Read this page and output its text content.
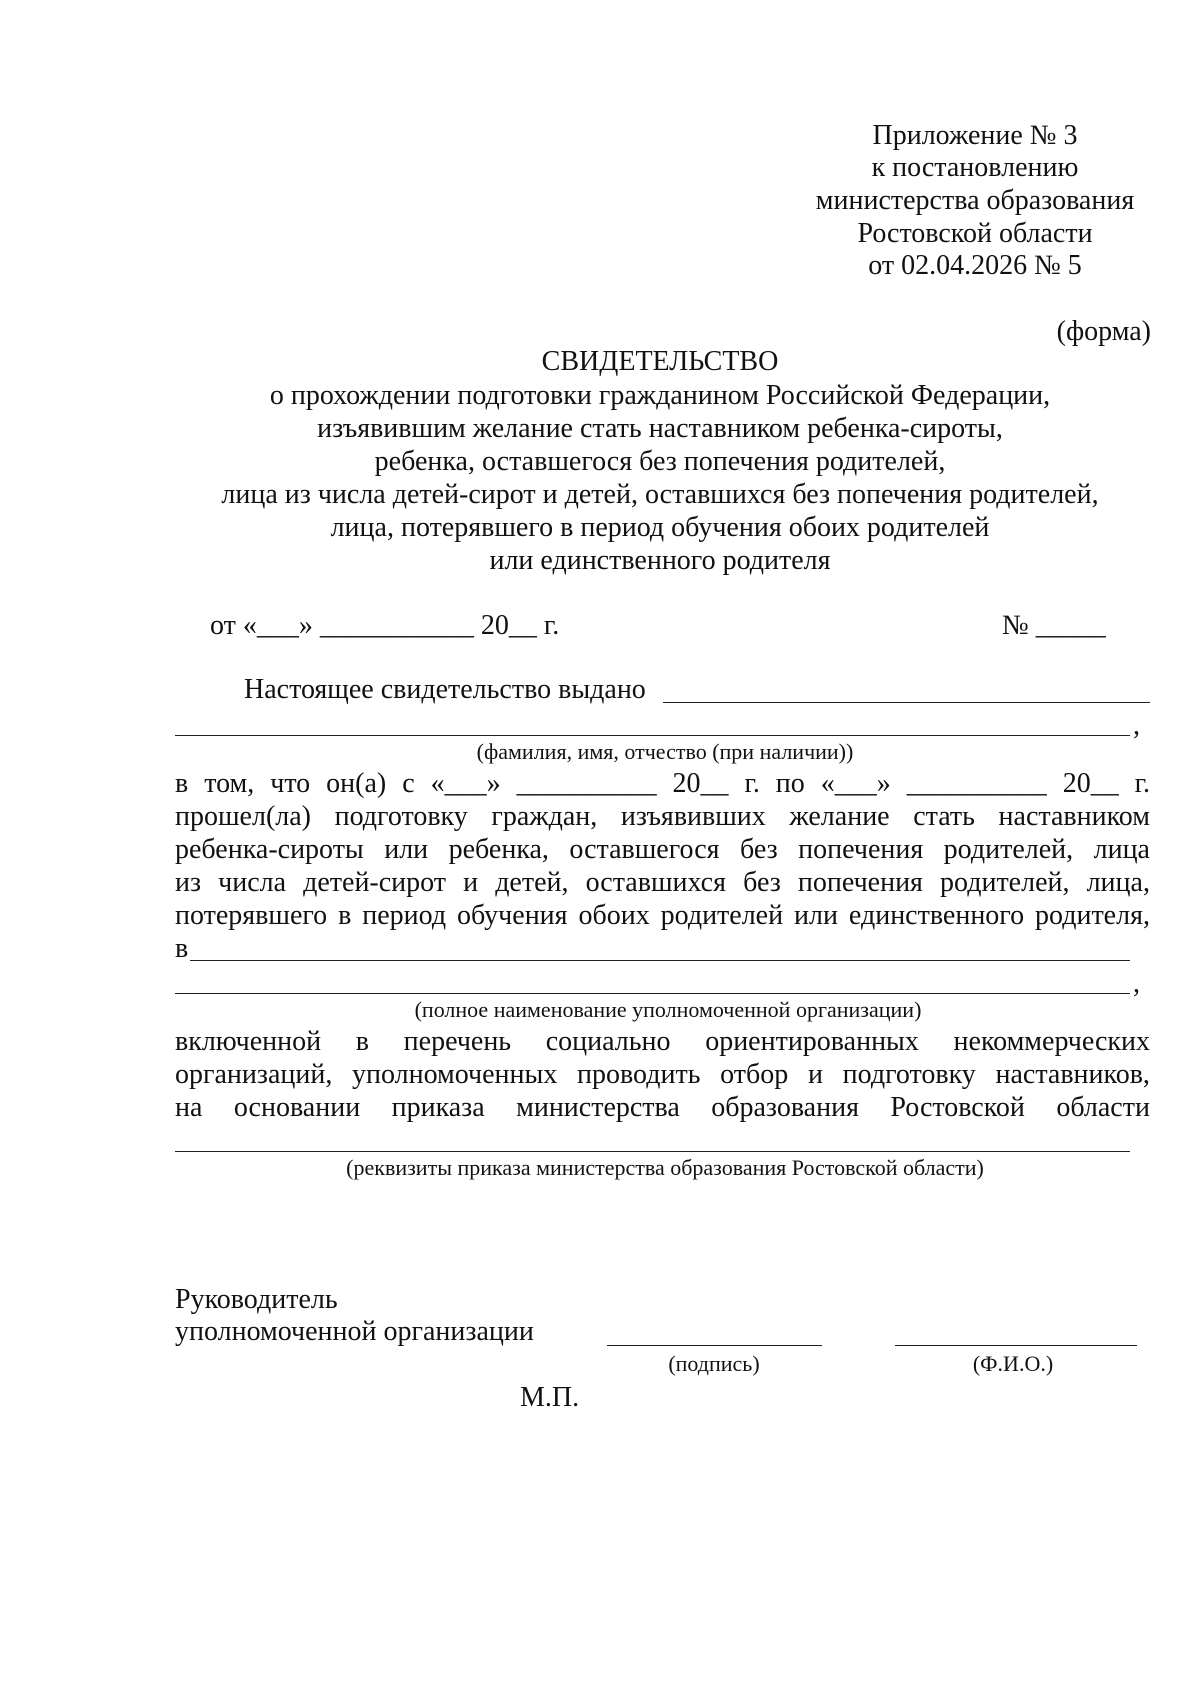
Приложение № 3
к постановлению
министерства образования
Ростовской области
от 02.04.2026 № 5
(форма)
СВИДЕТЕЛЬСТВО
о прохождении подготовки гражданином Российской Федерации,
изъявившим желание стать наставником ребенка-сироты,
ребенка, оставшегося без попечения родителей,
лица из числа детей-сирот и детей, оставшихся без попечения родителей,
лица, потерявшего в период обучения обоих родителей
или единственного родителя
от «___» ___________ 20__ г.	№ _____
Настоящее свидетельство выдано
,
(фамилия, имя, отчество (при наличии))
в том, что он(а) с «___» __________ 20__ г. по «___» __________ 20__ г.
прошел(ла) подготовку граждан, изъявивших желание стать наставником
ребенка-сироты или ребенка, оставшегося без попечения родителей, лица
из числа детей-сирот и детей, оставшихся без попечения родителей, лица,
потерявшего в период обучения обоих родителей или единственного родителя,
в
,
(полное наименование уполномоченной организации)
включенной в перечень социально ориентированных некоммерческих
организаций, уполномоченных проводить отбор и подготовку наставников,
на основании приказа министерства образования Ростовской области
(реквизиты приказа министерства образования Ростовской области)
Руководитель
уполномоченной организации
(подпись)	(Ф.И.О.)
М.П.
